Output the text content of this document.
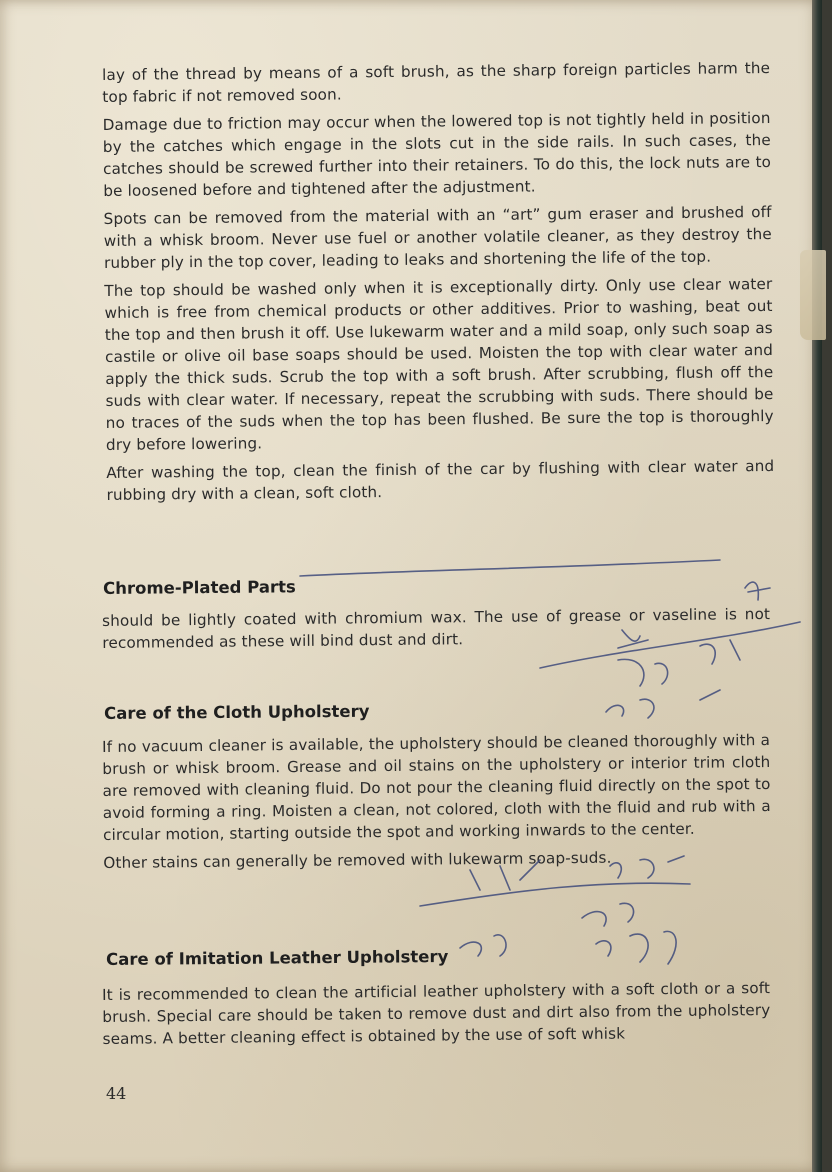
lay of the thread by means of a soft brush, as the sharp foreign particles harm the top fabric if not removed soon.

Damage due to friction may occur when the lowered top is not tightly held in position by the catches which engage in the slots cut in the side rails. In such cases, the catches should be screwed further into their retainers. To do this, the lock nuts are to be loosened before and tightened after the adjustment.

Spots can be removed from the material with an “art” gum eraser and brushed off with a whisk broom. Never use fuel or another volatile cleaner, as they destroy the rubber ply in the top cover, leading to leaks and shortening the life of the top.

The top should be washed only when it is exceptionally dirty. Only use clear water which is free from chemical products or other additives. Prior to washing, beat out the top and then brush it off. Use lukewarm water and a mild soap, only such soap as castile or olive oil base soaps should be used. Moisten the top with clear water and apply the thick suds. Scrub the top with a soft brush. After scrubbing, flush off the suds with clear water. If necessary, repeat the scrubbing with suds. There should be no traces of the suds when the top has been flushed. Be sure the top is thoroughly dry before lowering.

After washing the top, clean the finish of the car by flushing with clear water and rubbing dry with a clean, soft cloth.

Chrome-Plated Parts

should be lightly coated with chromium wax. The use of grease or vaseline is not recommended as these will bind dust and dirt.

Care of the Cloth Upholstery

If no vacuum cleaner is available, the upholstery should be cleaned thoroughly with a brush or whisk broom. Grease and oil stains on the upholstery or interior trim cloth are removed with cleaning fluid. Do not pour the cleaning fluid directly on the spot to avoid forming a ring. Moisten a clean, not colored, cloth with the fluid and rub with a circular motion, starting outside the spot and working inwards to the center.

Other stains can generally be removed with lukewarm soap-suds.

Care of Imitation Leather Upholstery

It is recommended to clean the artificial leather upholstery with a soft cloth or a soft brush. Special care should be taken to remove dust and dirt also from the upholstery seams. A better cleaning effect is obtained by the use of soft whisk

44
